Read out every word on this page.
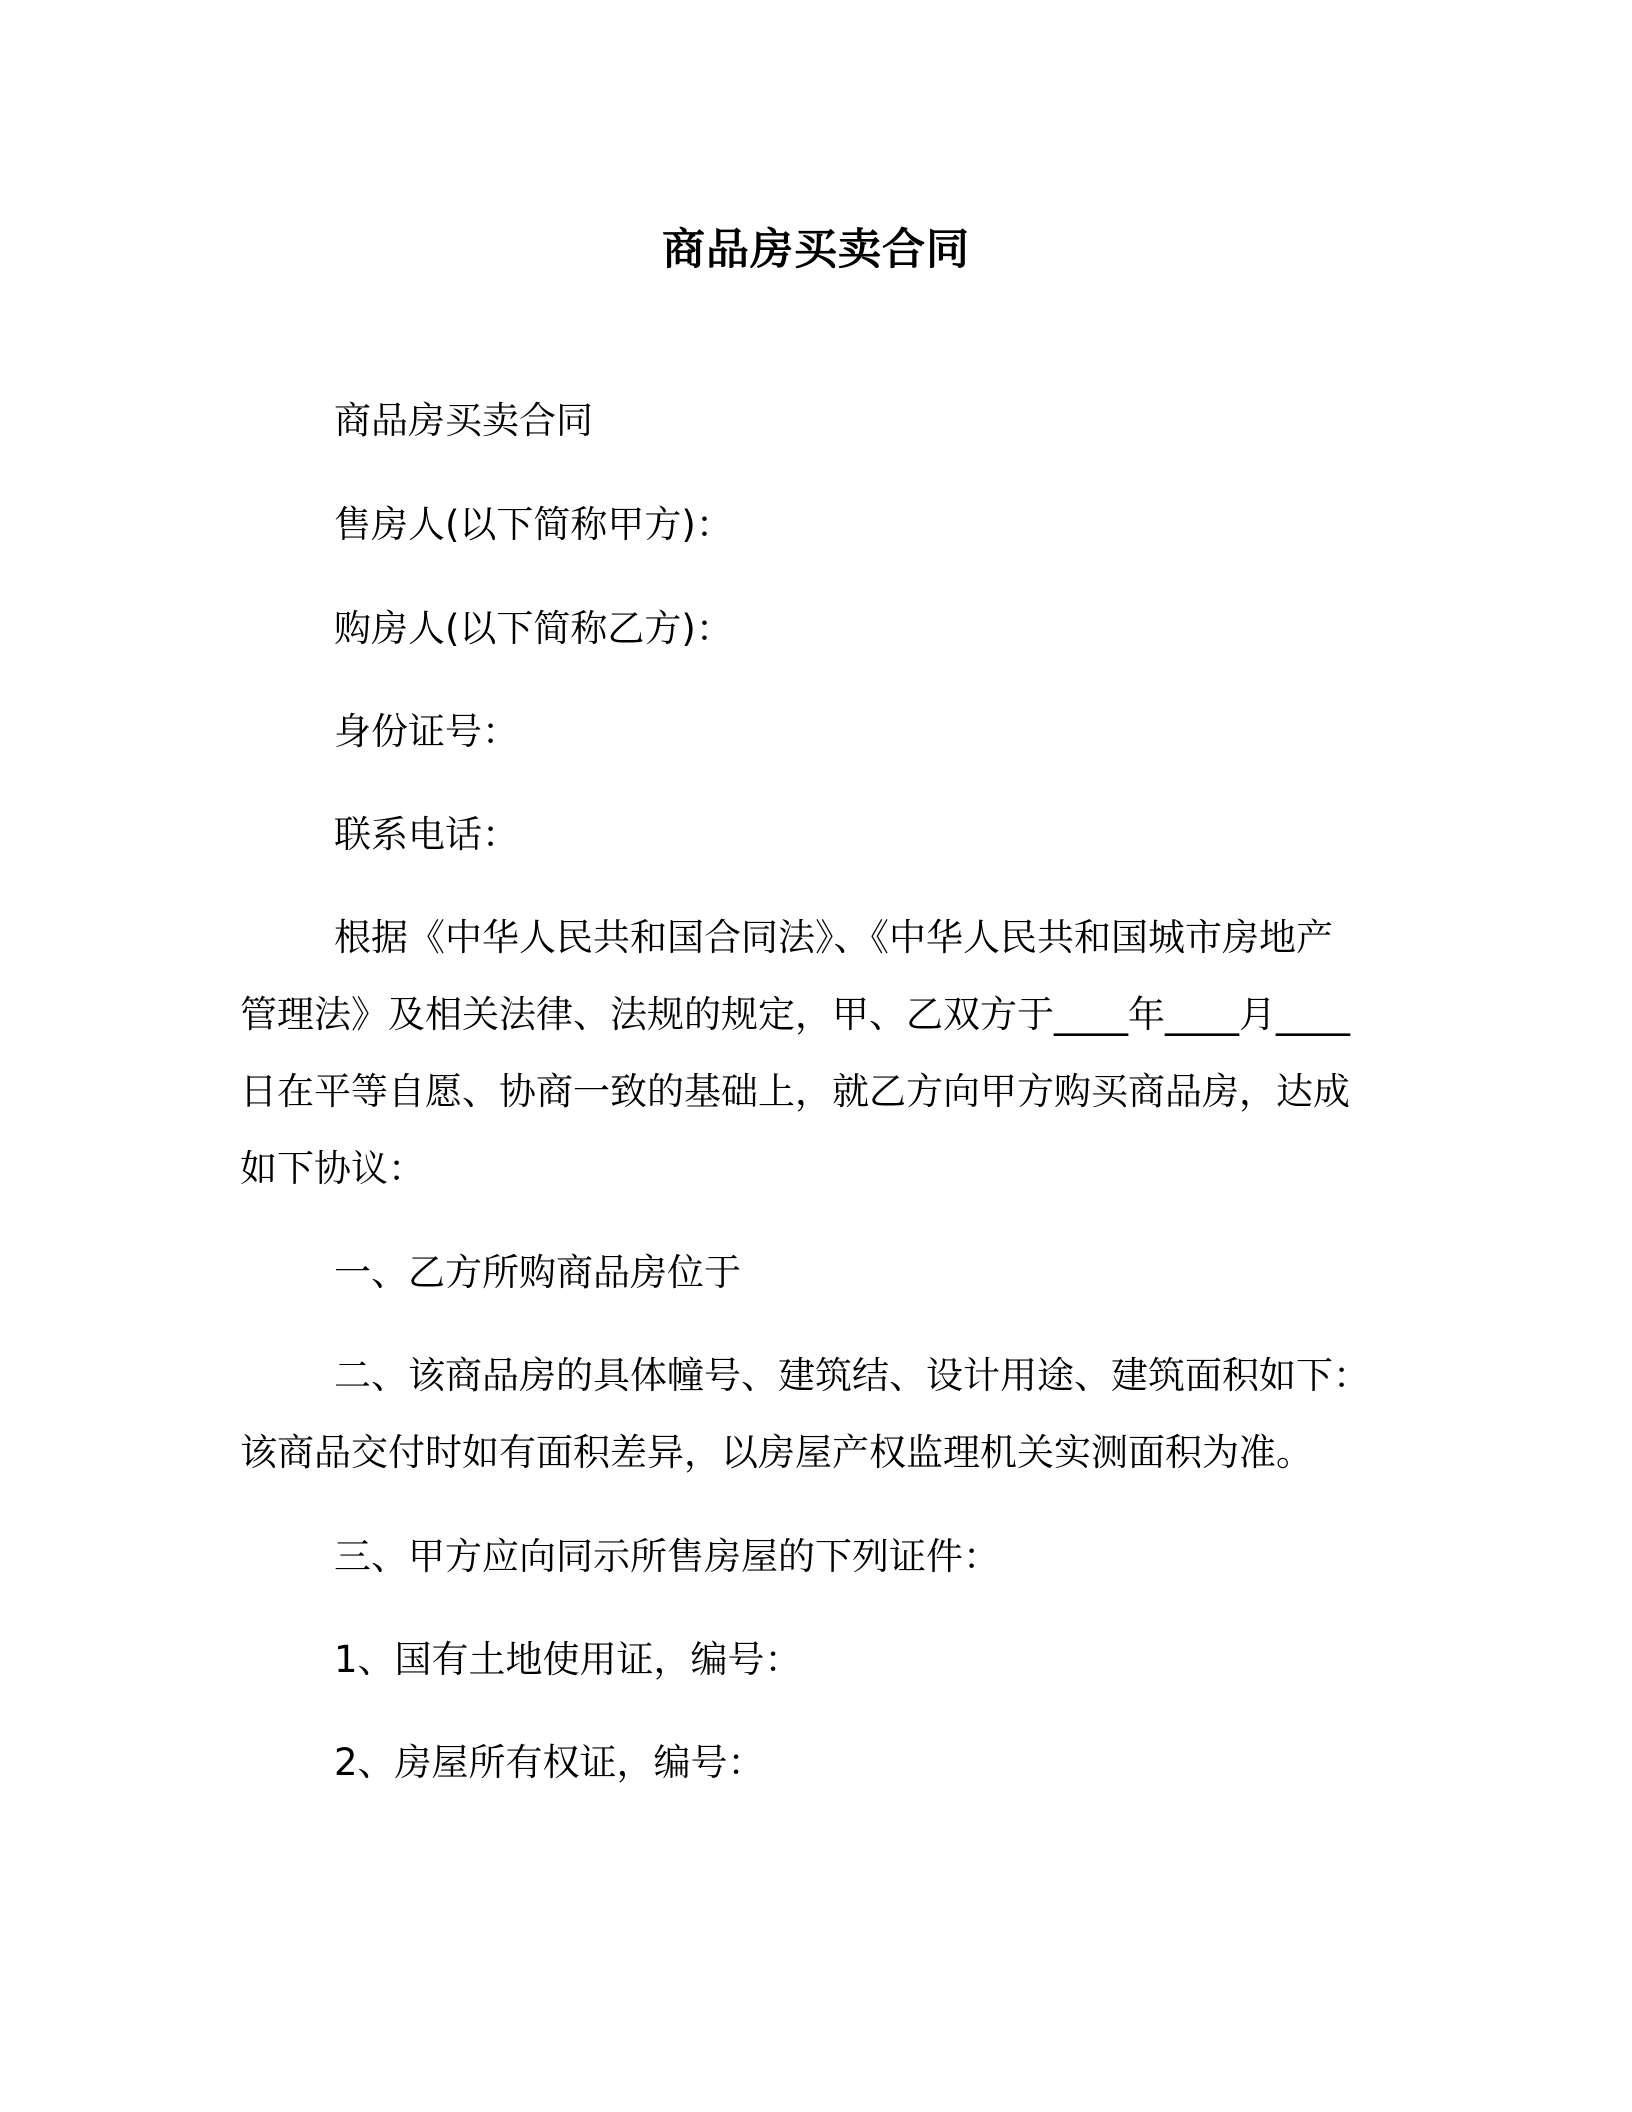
商品房买卖合同
商品房买卖合同
售房人(以下简称甲方)：
购房人(以下简称乙方)：
身份证号：
联系电话：
根据《中华人民共和国合同法》、《中华人民共和国城市房地产
管理法》及相关法律、法规的规定，甲、乙双方于____年____月____
日在平等自愿、协商一致的基础上，就乙方向甲方购买商品房，达成
如下协议：
一、乙方所购商品房位于
二、该商品房的具体幢号、建筑结、设计用途、建筑面积如下：
该商品交付时如有面积差异，以房屋产权监理机关实测面积为准。
三、甲方应向同示所售房屋的下列证件：
1、国有土地使用证，编号：
2、房屋所有权证，编号：
